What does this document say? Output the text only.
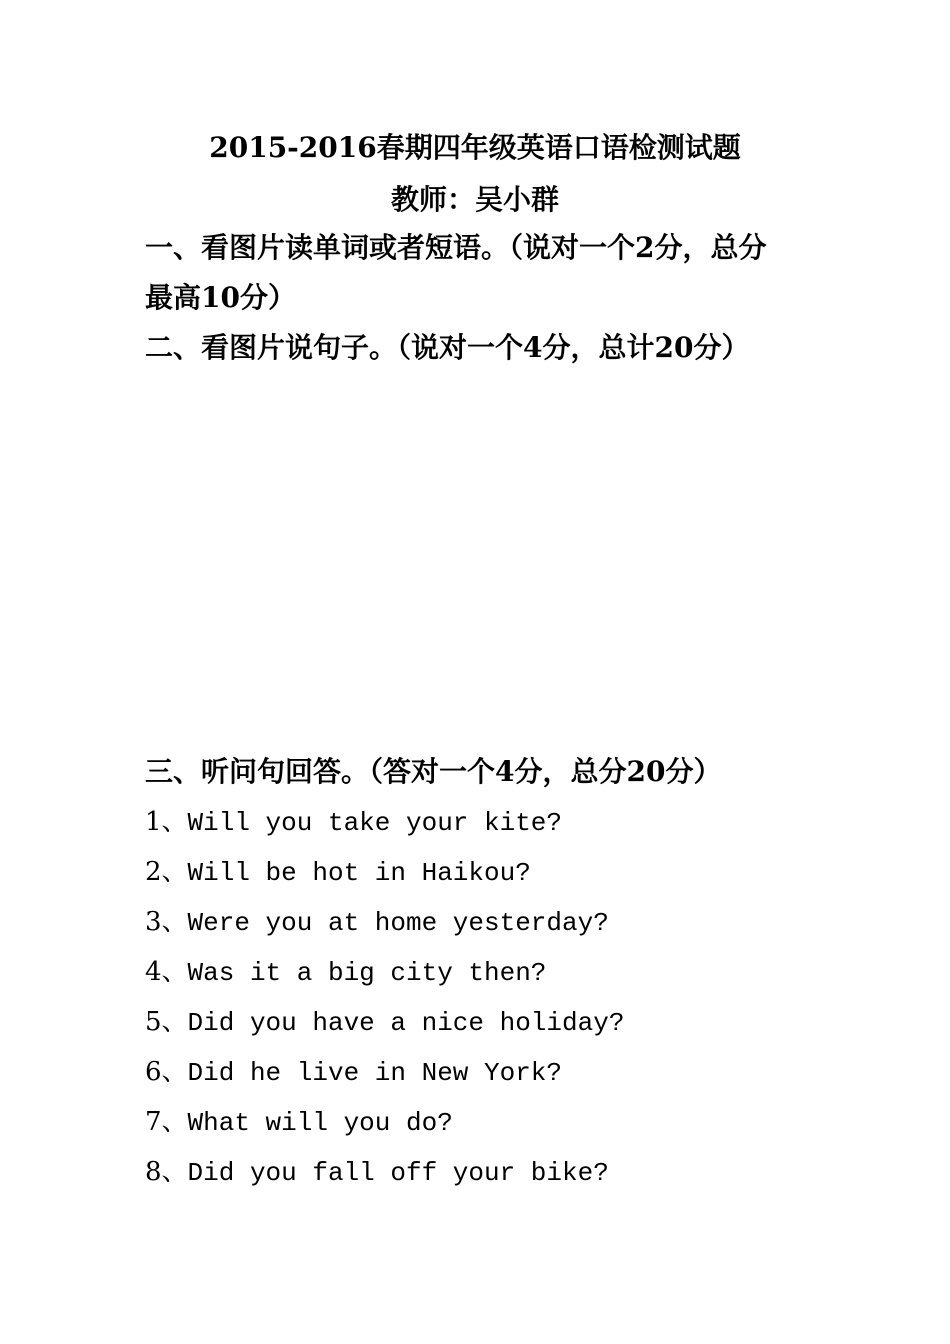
2015-2016春期四年级英语口语检测试题
教师：吴小群
一、看图片读单词或者短语。（说对一个2分，总分
最高10分）
二、看图片说句子。（说对一个4分，总计20分）
三、听问句回答。（答对一个4分，总分20分）
1、Will you take your kite?
2、Will be hot in Haikou?
3、Were you at home yesterday?
4、Was it a big city then?
5、Did you have a nice holiday?
6、Did he live in New York?
7、What will you do?
8、Did you fall off your bike?
